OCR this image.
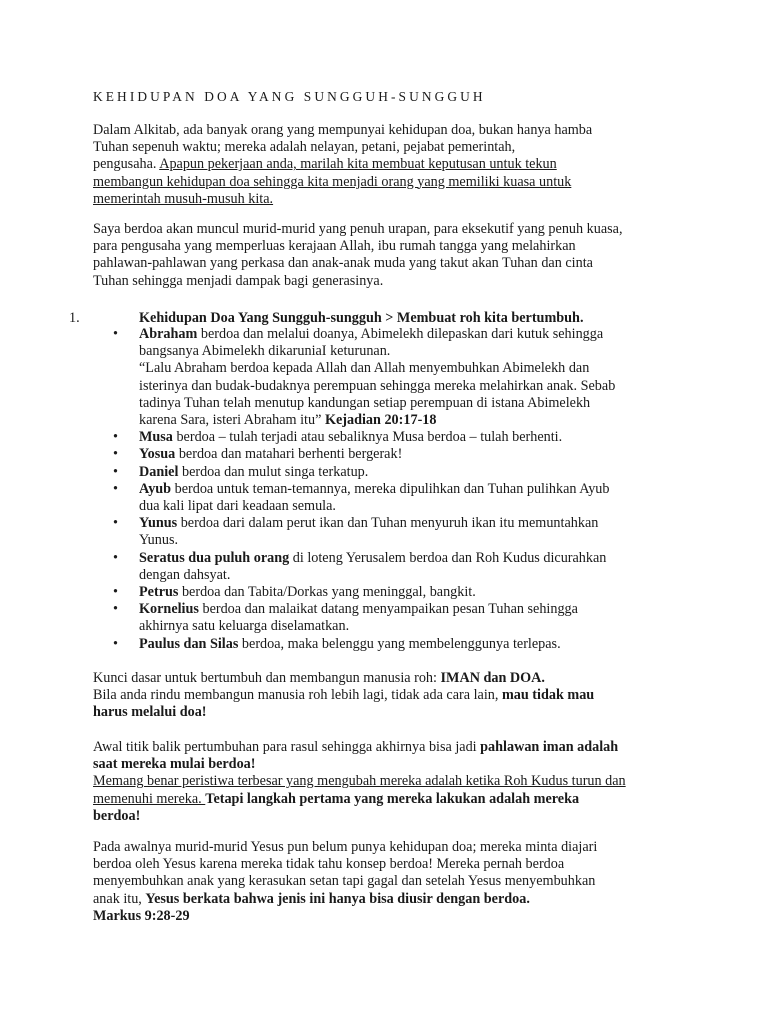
KEHIDUPAN DOA YANG SUNGGUH-SUNGGUH
Dalam Alkitab, ada banyak orang yang mempunyai kehidupan doa, bukan hanya hamba
Tuhan sepenuh waktu; mereka adalah nelayan, petani, pejabat pemerintah,
pengusaha. Apapun pekerjaan anda, marilah kita membuat keputusan untuk tekun
membangun kehidupan doa sehingga kita menjadi orang yang memiliki kuasa untuk
memerintah musuh-musuh kita.
Saya berdoa akan muncul murid-murid yang penuh urapan, para eksekutif yang penuh kuasa,
para pengusaha yang memperluas kerajaan Allah, ibu rumah tangga yang melahirkan
pahlawan-pahlawan yang perkasa dan anak-anak muda yang takut akan Tuhan dan cinta
Tuhan sehingga menjadi dampak bagi generasinya.
1.	Kehidupan Doa Yang Sungguh-sungguh > Membuat roh kita bertumbuh.
• Abraham berdoa dan melalui doanya, Abimelekh dilepaskan dari kutuk sehingga
bangsanya Abimelekh dikaruniaI keturunan.
“Lalu Abraham berdoa kepada Allah dan Allah menyembuhkan Abimelekh dan
isterinya dan budak-budaknya perempuan sehingga mereka melahirkan anak. Sebab
tadinya Tuhan telah menutup kandungan setiap perempuan di istana Abimelekh
karena Sara, isteri Abraham itu” Kejadian 20:17-18
• Musa berdoa – tulah terjadi atau sebaliknya Musa berdoa – tulah berhenti.
• Yosua berdoa dan matahari berhenti bergerak!
• Daniel berdoa dan mulut singa terkatup.
• Ayub berdoa untuk teman-temannya, mereka dipulihkan dan Tuhan pulihkan Ayub
dua kali lipat dari keadaan semula.
• Yunus berdoa dari dalam perut ikan dan Tuhan menyuruh ikan itu memuntahkan
Yunus.
• Seratus dua puluh orang di loteng Yerusalem berdoa dan Roh Kudus dicurahkan
dengan dahsyat.
• Petrus berdoa dan Tabita/Dorkas yang meninggal, bangkit.
• Kornelius berdoa dan malaikat datang menyampaikan pesan Tuhan sehingga
akhirnya satu keluarga diselamatkan.
• Paulus dan Silas berdoa, maka belenggu yang membelenggunya terlepas.
Kunci dasar untuk bertumbuh dan membangun manusia roh: IMAN dan DOA.
Bila anda rindu membangun manusia roh lebih lagi, tidak ada cara lain, mau tidak mau
harus melalui doa!
Awal titik balik pertumbuhan para rasul sehingga akhirnya bisa jadi pahlawan iman adalah
saat mereka mulai berdoa!
Memang benar peristiwa terbesar yang mengubah mereka adalah ketika Roh Kudus turun dan
memenuhi mereka. Tetapi langkah pertama yang mereka lakukan adalah mereka
berdoa!
Pada awalnya murid-murid Yesus pun belum punya kehidupan doa; mereka minta diajari
berdoa oleh Yesus karena mereka tidak tahu konsep berdoa! Mereka pernah berdoa
menyembuhkan anak yang kerasukan setan tapi gagal dan setelah Yesus menyembuhkan
anak itu, Yesus berkata bahwa jenis ini hanya bisa diusir dengan berdoa.
Markus 9:28-29
